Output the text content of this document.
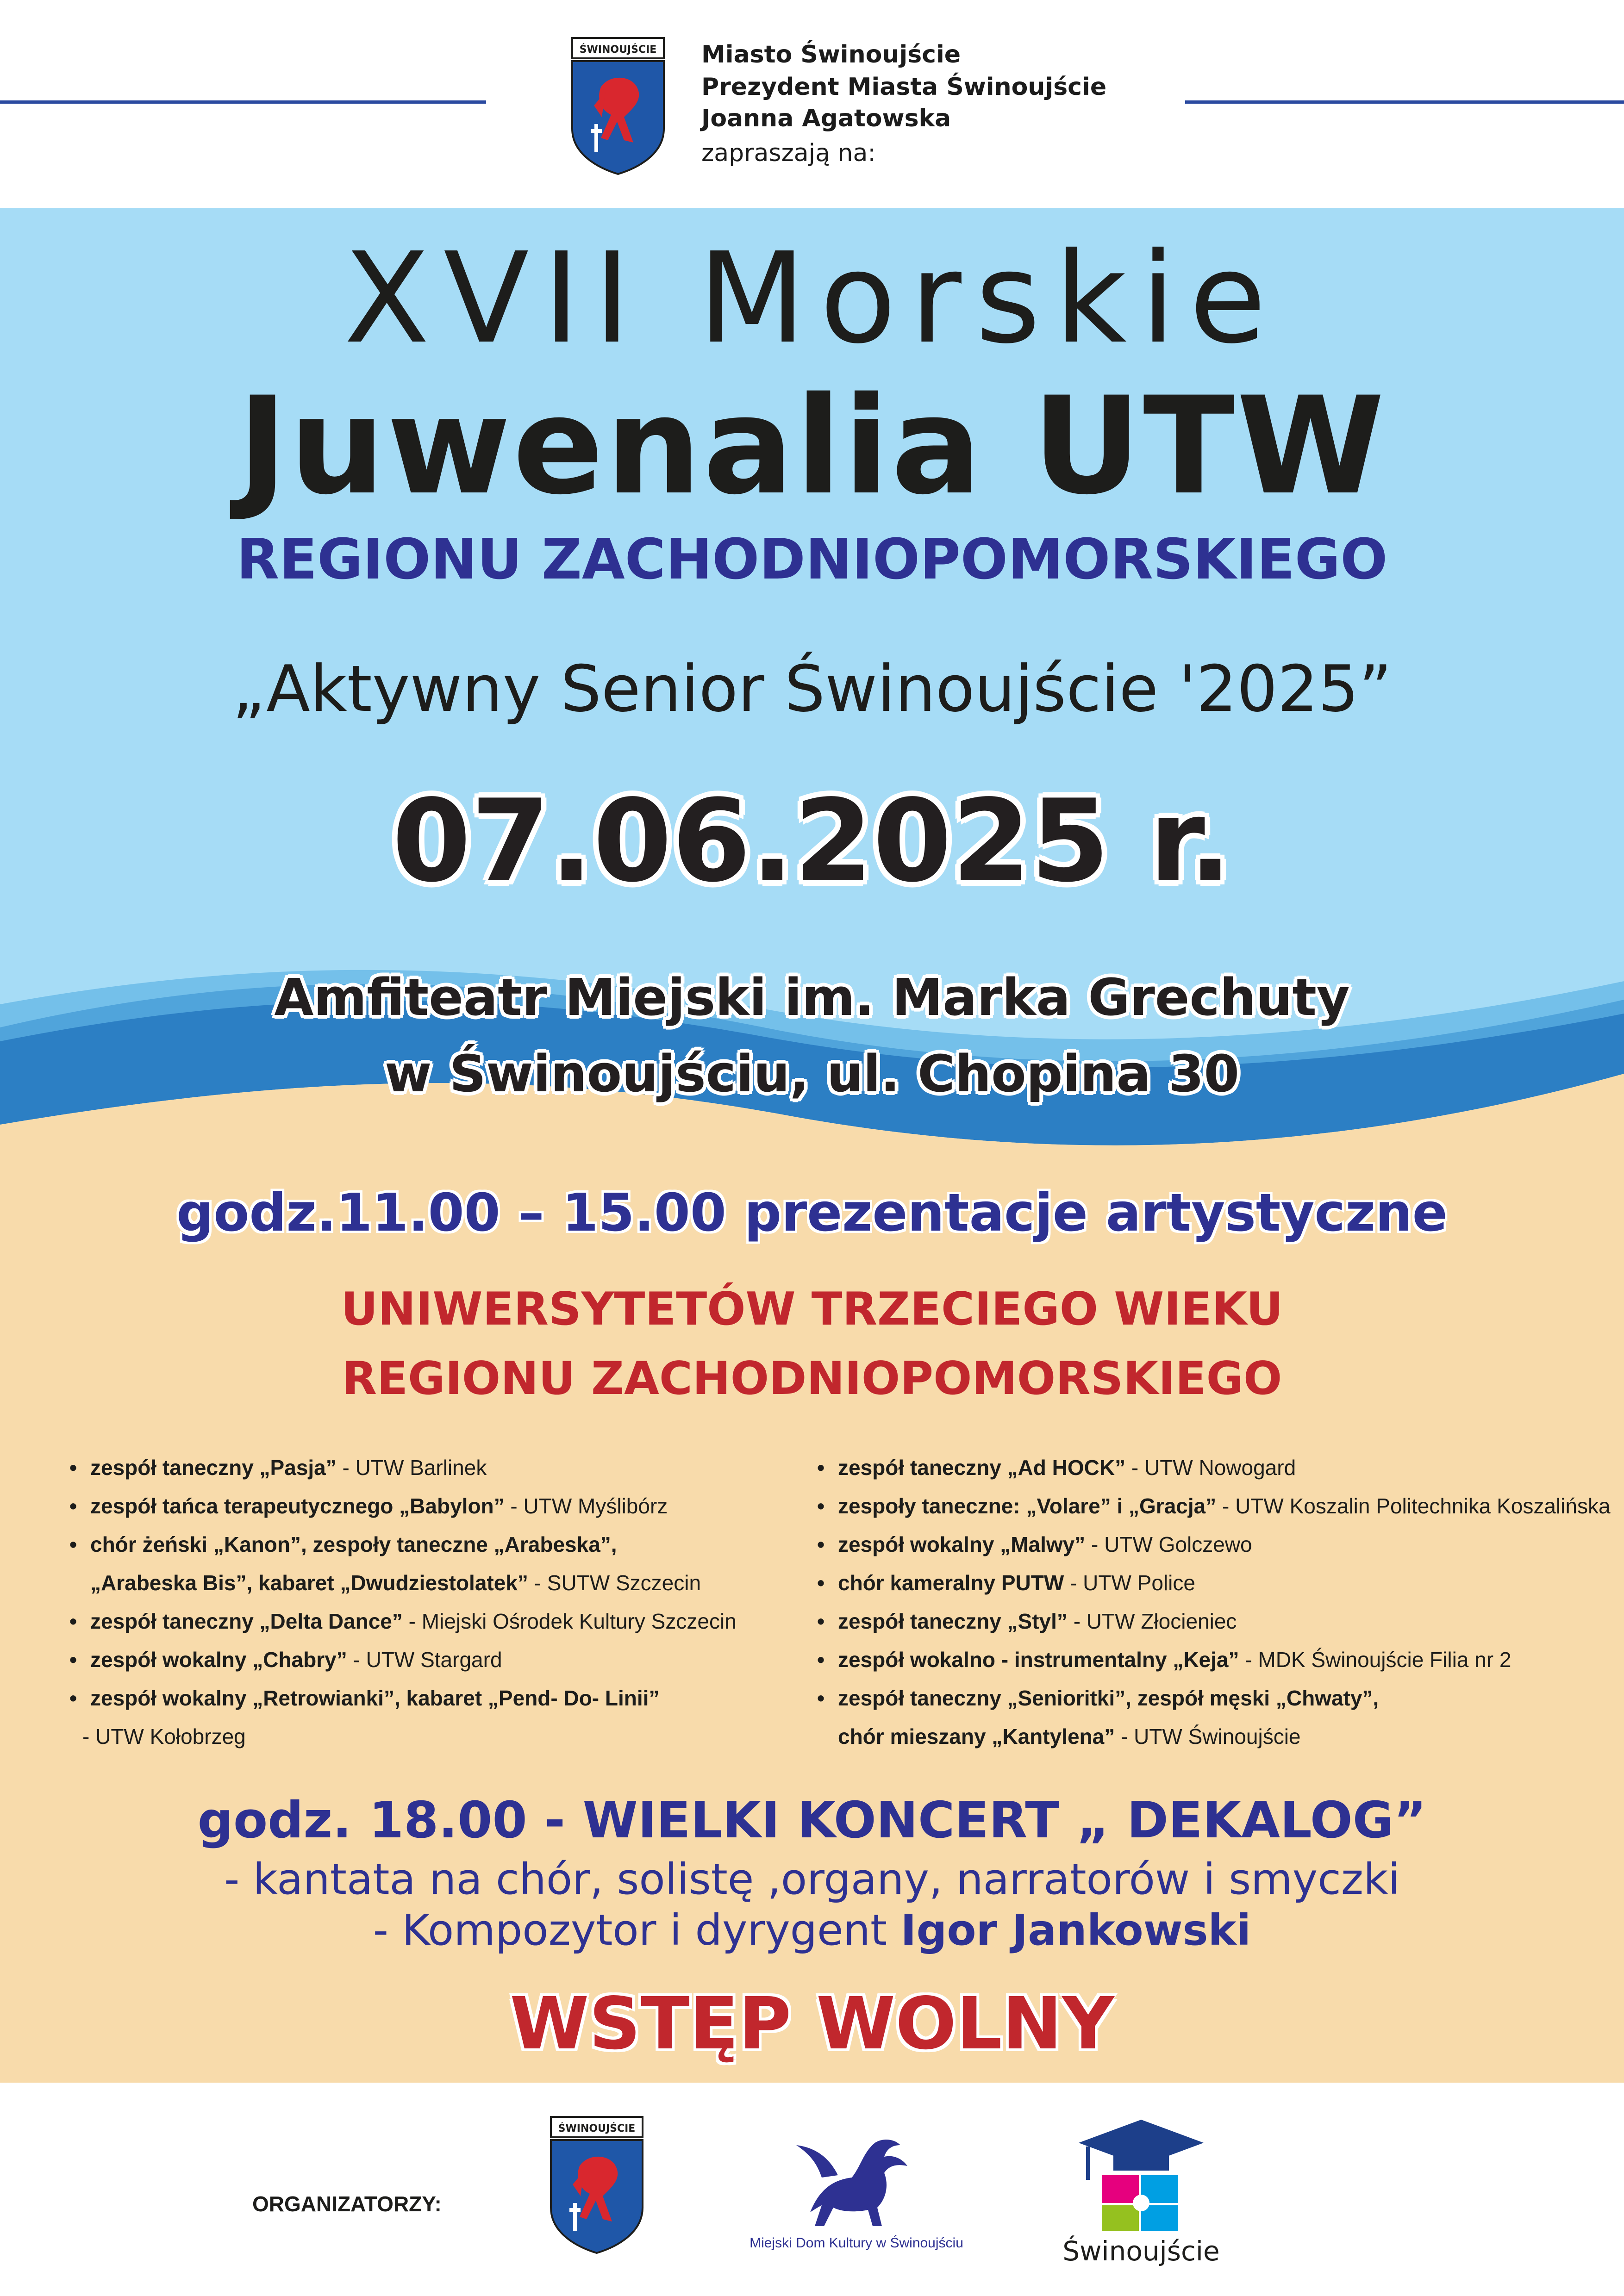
ŚWINOUJŚCIE Miasto Świnoujście
Prezydent Miasta Świnoujście
Joanna Agatowska
zapraszają na:
XVII Morskie
Juwenalia UTW
REGIONU ZACHODNIOPOMORSKIEGO
„Aktywny Senior Świnoujście '2025”
07.06.2025 r.
Amfiteatr Miejski im. Marka Grechuty
w Świnoujściu, ul. Chopina 30
godz.11.00 – 15.00 prezentacje artystyczne
UNIWERSYTETÓW TRZECIEGO WIEKU
REGIONU ZACHODNIOPOMORSKIEGO
• zespół taneczny „Pasja” - UTW Barlinek
• zespół tańca terapeutycznego „Babylon” - UTW Myślibórz
• chór żeński „Kanon”, zespoły taneczne „Arabeska”,
„Arabeska Bis”, kabaret „Dwudziestolatek” - SUTW Szczecin
• zespół taneczny „Delta Dance” - Miejski Ośrodek Kultury Szczecin
• zespół wokalny „Chabry” - UTW Stargard
• zespół wokalny „Retrowianki”, kabaret „Pend- Do- Linii”
- UTW Kołobrzeg
• zespół taneczny „Ad HOCK” - UTW Nowogard
• zespoły taneczne: „Volare” i „Gracja” - UTW Koszalin Politechnika Koszalińska
• zespół wokalny „Malwy” - UTW Golczewo
• chór kameralny PUTW - UTW Police
• zespół taneczny „Styl” - UTW Złocieniec
• zespół wokalno - instrumentalny „Keja” - MDK Świnoujście Filia nr 2
• zespół taneczny „Senioritki”, zespół męski „Chwaty”,
chór mieszany „Kantylena” - UTW Świnoujście
godz. 18.00 - WIELKI KONCERT „ DEKALOG”
- kantata na chór, solistę ,organy, narratorów i smyczki
- Kompozytor i dyrygent Igor Jankowski
WSTĘP WOLNY
ORGANIZATORZY:
ŚWINOUJŚCIE
Miejski Dom Kultury w Świnoujściu	Świnoujście
